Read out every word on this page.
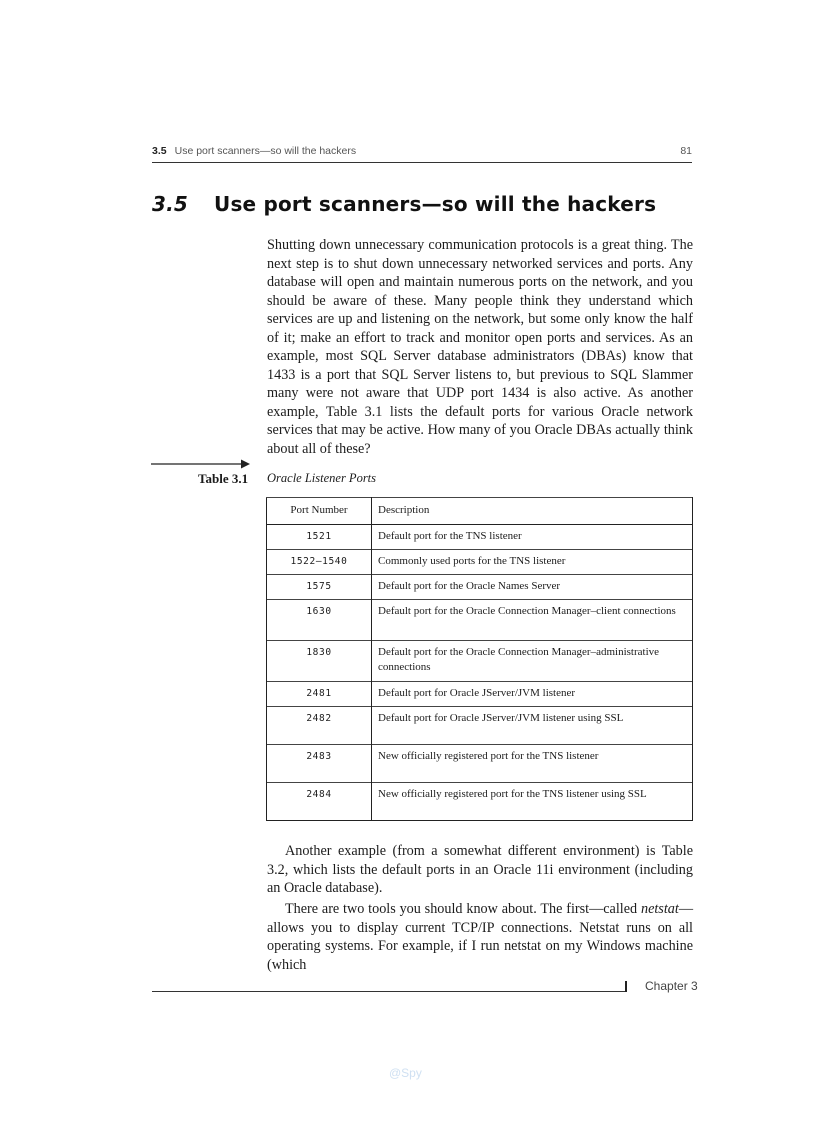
3.5 Use port scanners—so will the hackers	81
3.5 Use port scanners—so will the hackers

Shutting down unnecessary communication protocols is a great thing. The next step is to shut down unnecessary networked services and ports. Any database will open and maintain numerous ports on the network, and you should be aware of these. Many people think they understand which services are up and listening on the network, but some only know the half of it; make an effort to track and monitor open ports and services. As an example, most SQL Server database administrators (DBAs) know that 1433 is a port that SQL Server listens to, but previous to SQL Slammer many were not aware that UDP port 1434 is also active. As another example, Table 3.1 lists the default ports for various Oracle network services that may be active. How many of you Oracle DBAs actually think about all of these?

Table 3.1 Oracle Listener Ports
Port Number	Description
1521	Default port for the TNS listener
1522—1540	Commonly used ports for the TNS listener
1575	Default port for the Oracle Names Server
1630	Default port for the Oracle Connection Manager–client connections
1830	Default port for the Oracle Connection Manager–administrative connections
2481	Default port for Oracle JServer/JVM listener
2482	Default port for Oracle JServer/JVM listener using SSL
2483	New officially registered port for the TNS listener
2484	New officially registered port for the TNS listener using SSL

Another example (from a somewhat different environment) is Table 3.2, which lists the default ports in an Oracle 11i environment (including an Oracle database).

There are two tools you should know about. The first—called netstat—allows you to display current TCP/IP connections. Netstat runs on all operating systems. For example, if I run netstat on my Windows machine (which

Chapter 3
@Spy
